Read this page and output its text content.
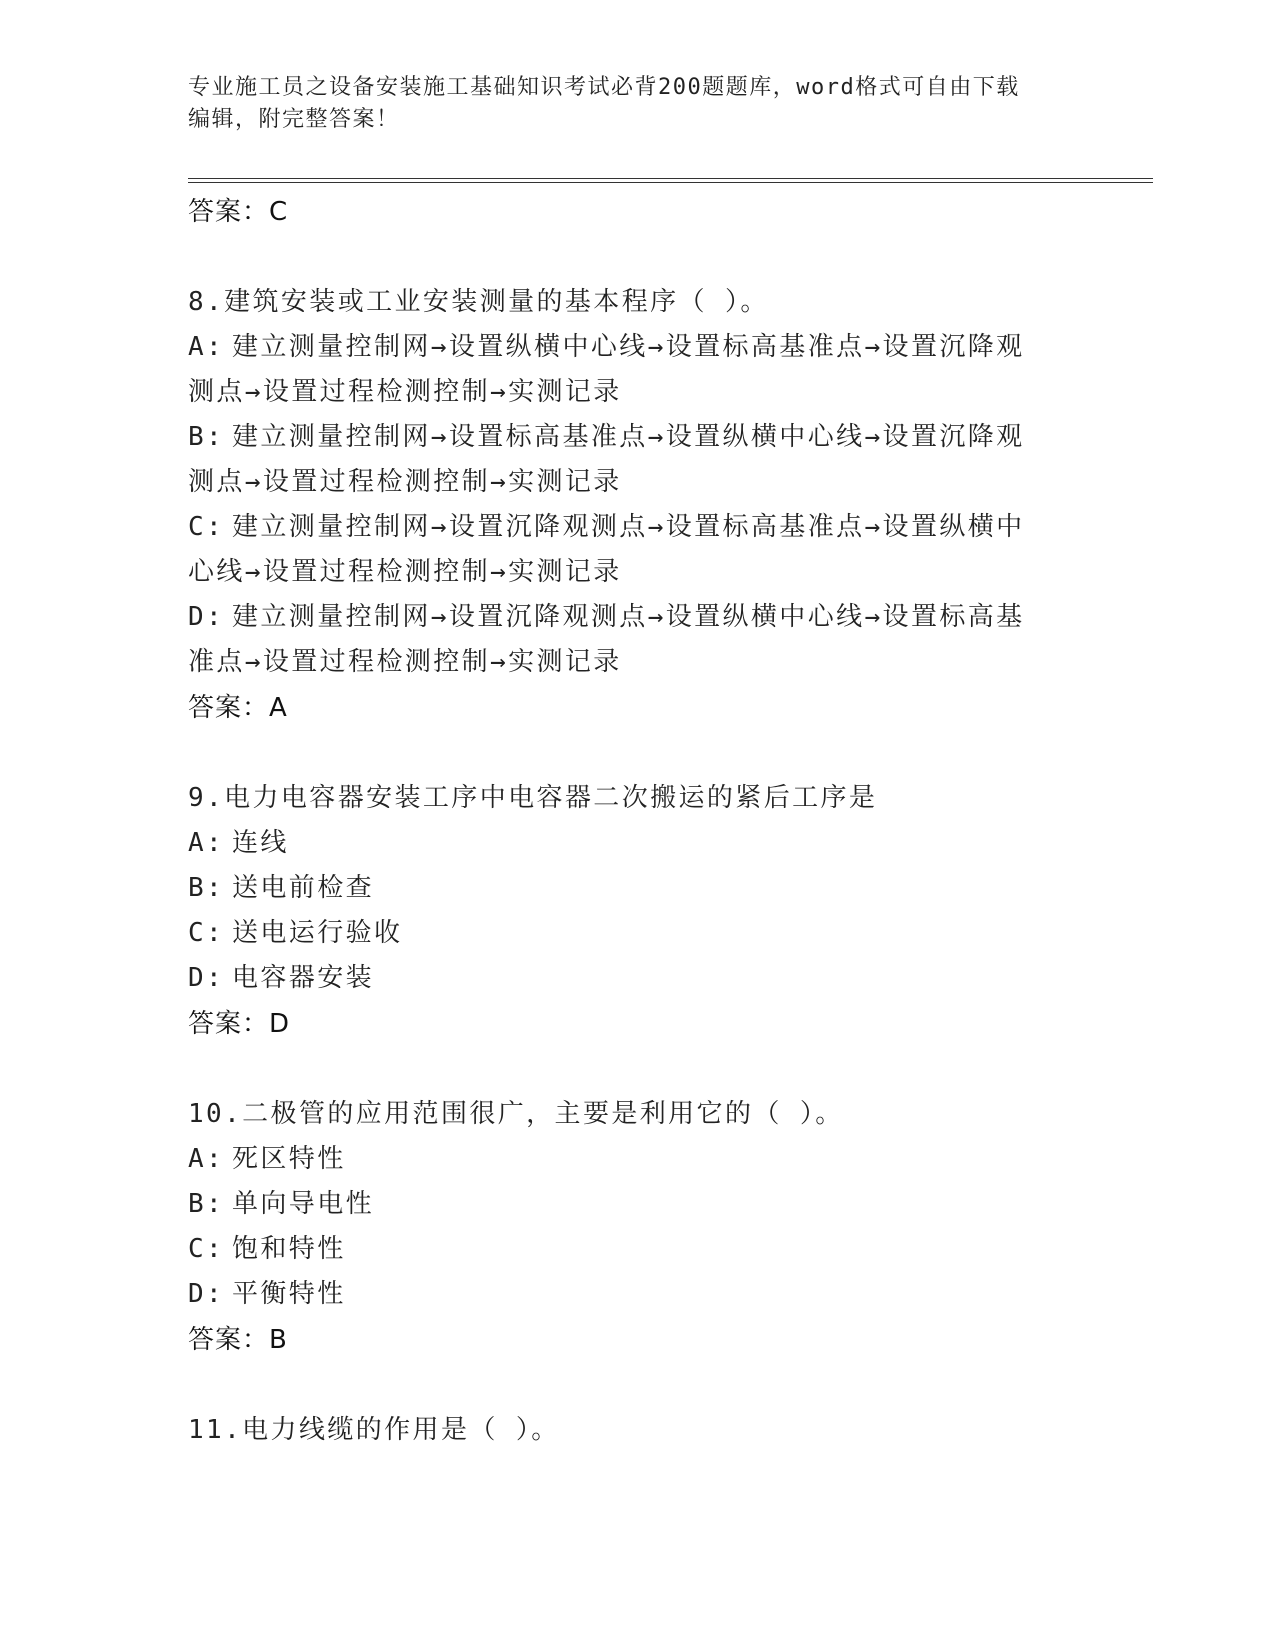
专业施工员之设备安装施工基础知识考试必背200题题库，word格式可自由下载
编辑，附完整答案！

答案：C

8.建筑安装或工业安装测量的基本程序（ ）。

A: 建立测量控制网→设置纵横中心线→设置标高基准点→设置沉降观

测点→设置过程检测控制→实测记录

B: 建立测量控制网→设置标高基准点→设置纵横中心线→设置沉降观

测点→设置过程检测控制→实测记录

C: 建立测量控制网→设置沉降观测点→设置标高基准点→设置纵横中

心线→设置过程检测控制→实测记录

D: 建立测量控制网→设置沉降观测点→设置纵横中心线→设置标高基

准点→设置过程检测控制→实测记录

答案：A

9.电力电容器安装工序中电容器二次搬运的紧后工序是

A: 连线

B: 送电前检查

C: 送电运行验收

D: 电容器安装

答案：D

10.二极管的应用范围很广，主要是利用它的（ ）。

A: 死区特性

B: 单向导电性

C: 饱和特性

D: 平衡特性

答案：B

11.电力线缆的作用是（ ）。
